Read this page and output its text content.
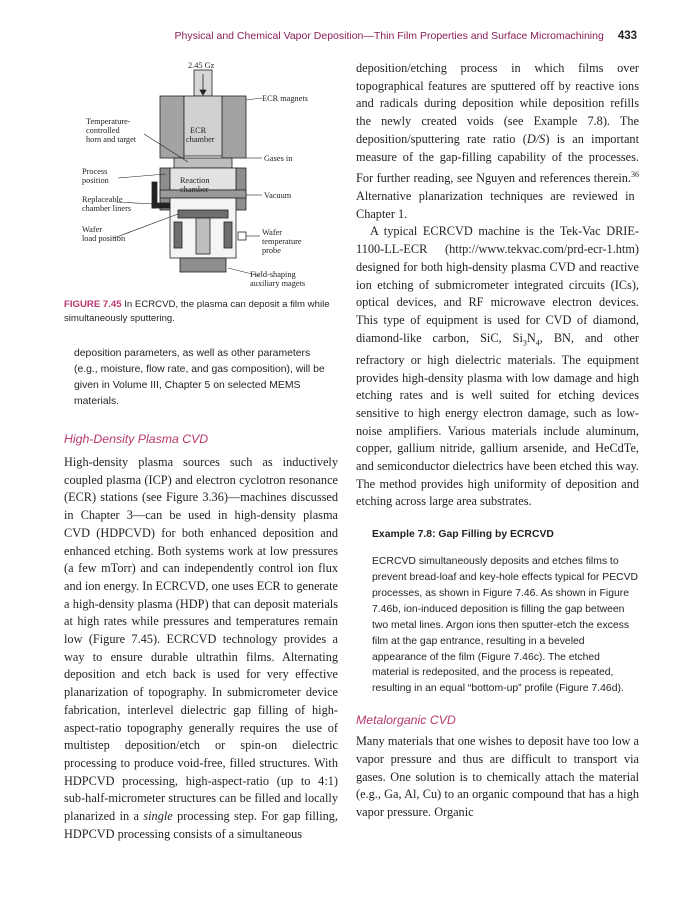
Physical and Chemical Vapor Deposition—Thin Film Properties and Surface Micromachining 433
2.45 Gz
ECR magnets
Temperature-controlled horn and target
ECR chamber
Gases in
Process position	Reaction chamber
Vacuum
Replaceable chamber liners
Wafer load position
Wafer temperature probe
Field-shaping auxiliary magets

FIGURE 7.45 In ECRCVD, the plasma can deposit a film while simultaneously sputtering.

deposition parameters, as well as other parameters (e.g., moisture, flow rate, and gas composition), will be given in Volume III, Chapter 5 on selected MEMS materials.

High-Density Plasma CVD

High-density plasma sources such as inductively coupled plasma (ICP) and electron cyclotron resonance (ECR) stations (see Figure 3.36)—machines discussed in Chapter 3—can be used in high-density plasma CVD (HDPCVD) for both enhanced deposition and enhanced etching. Both systems work at low pressures (a few mTorr) and can independently control ion flux and ion energy. In ECRCVD, one uses ECR to generate a high-density plasma (HDP) that can deposit materials at high rates while pressures and temperatures remain low (Figure 7.45). ECRCVD technology provides a way to ensure durable ultrathin films. Alternating deposition and etch back is used for very effective planarization of topography. In submicrometer device fabrication, interlevel dielectric gap filling of high-aspect-ratio topography generally requires the use of multistep deposition/etch or spin-on dielectric processing to produce void-free, filled structures. With HDPCVD processing, high-aspect-ratio (up to 4:1) sub-half-micrometer structures can be filled and locally planarized in a single processing step. For gap filling, HDPCVD processing consists of a simultaneous

deposition/etching process in which films over topographical features are sputtered off by reactive ions and radicals during deposition while deposition refills the newly created voids (see Example 7.8). The deposition/sputtering rate ratio (D/S) is an important measure of the gap-filling capability of the processes. For further reading, see Nguyen and references therein.$^{36}$ Alternative planarization techniques are reviewed in Chapter 1.

A typical ECRCVD machine is the Tek-Vac DRIE-1100-LL-ECR (http://www.tekvac.com/prd-ecr-1.htm) designed for both high-density plasma CVD and reactive ion etching of submicrometer integrated circuits (ICs), optical devices, and RF microwave electron devices. This type of equipment is used for CVD of diamond, diamond-like carbon, SiC, $Si_3N_4$, BN, and other refractory or high dielectric materials. The equipment provides high-density plasma with low damage and high etching rates and is well suited for etching devices sensitive to high energy electron damage, such as low-noise amplifiers. Various materials include aluminum, copper, gallium nitride, gallium arsenide, and HeCdTe, and semiconductor dielectrics have been etched this way. The method provides high uniformity of deposition and etching across large area substrates.

Example 7.8: Gap Filling by ECRCVD

ECRCVD simultaneously deposits and etches films to prevent bread-loaf and key-hole effects typical for PECVD processes, as shown in Figure 7.46. As shown in Figure 7.46b, ion-induced deposition is filling the gap between two metal lines. Argon ions then sputter-etch the excess film at the gap entrance, resulting in a beveled appearance of the film (Figure 7.46c). The etched material is redeposited, and the process is repeated, resulting in an equal “bottom-up” profile (Figure 7.46d).

Metalorganic CVD

Many materials that one wishes to deposit have too low a vapor pressure and thus are difficult to transport via gases. One solution is to chemically attach the material (e.g., Ga, Al, Cu) to an organic compound that has a high vapor pressure. Organic
